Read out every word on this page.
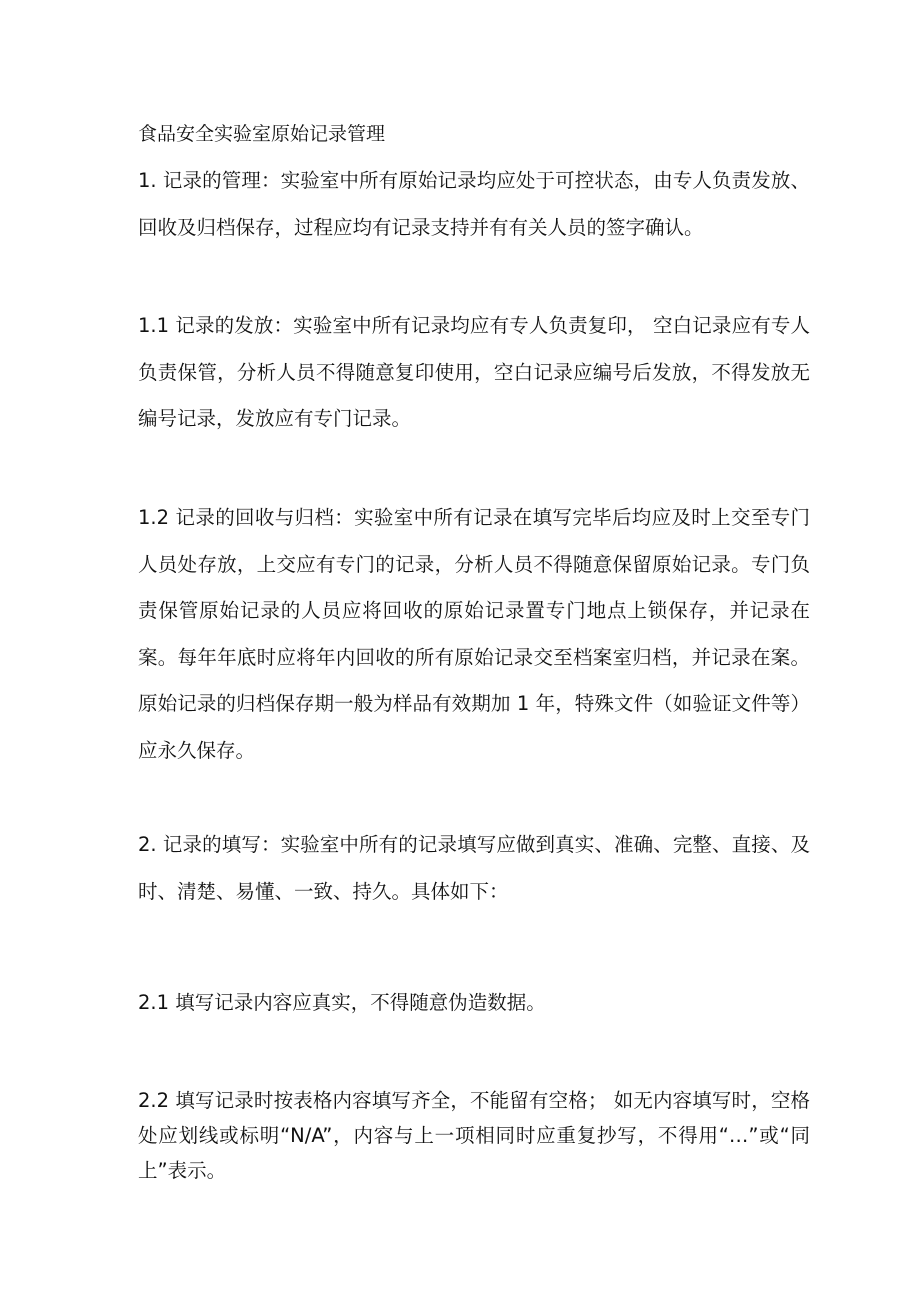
食品安全实验室原始记录管理
1. 记录的管理：实验室中所有原始记录均应处于可控状态，由专人负责发放、回收及归档保存，过程应均有记录支持并有有关人员的签字确认。
1.1 记录的发放：实验室中所有记录均应有专人负责复印， 空白记录应有专人负责保管，分析人员不得随意复印使用，空白记录应编号后发放，不得发放无编号记录，发放应有专门记录。
1.2 记录的回收与归档：实验室中所有记录在填写完毕后均应及时上交至专门人员处存放，上交应有专门的记录，分析人员不得随意保留原始记录。专门负责保管原始记录的人员应将回收的原始记录置专门地点上锁保存，并记录在案。每年年底时应将年内回收的所有原始记录交至档案室归档，并记录在案。原始记录的归档保存期一般为样品有效期加 1 年，特殊文件（如验证文件等）应永久保存。
2. 记录的填写：实验室中所有的记录填写应做到真实、准确、完整、直接、及时、清楚、易懂、一致、持久。具体如下：
2.1 填写记录内容应真实，不得随意伪造数据。
2.2 填写记录时按表格内容填写齐全，不能留有空格； 如无内容填写时，空格处应划线或标明“N/A”，内容与上一项相同时应重复抄写，不得用“…”或“同上”表示。
